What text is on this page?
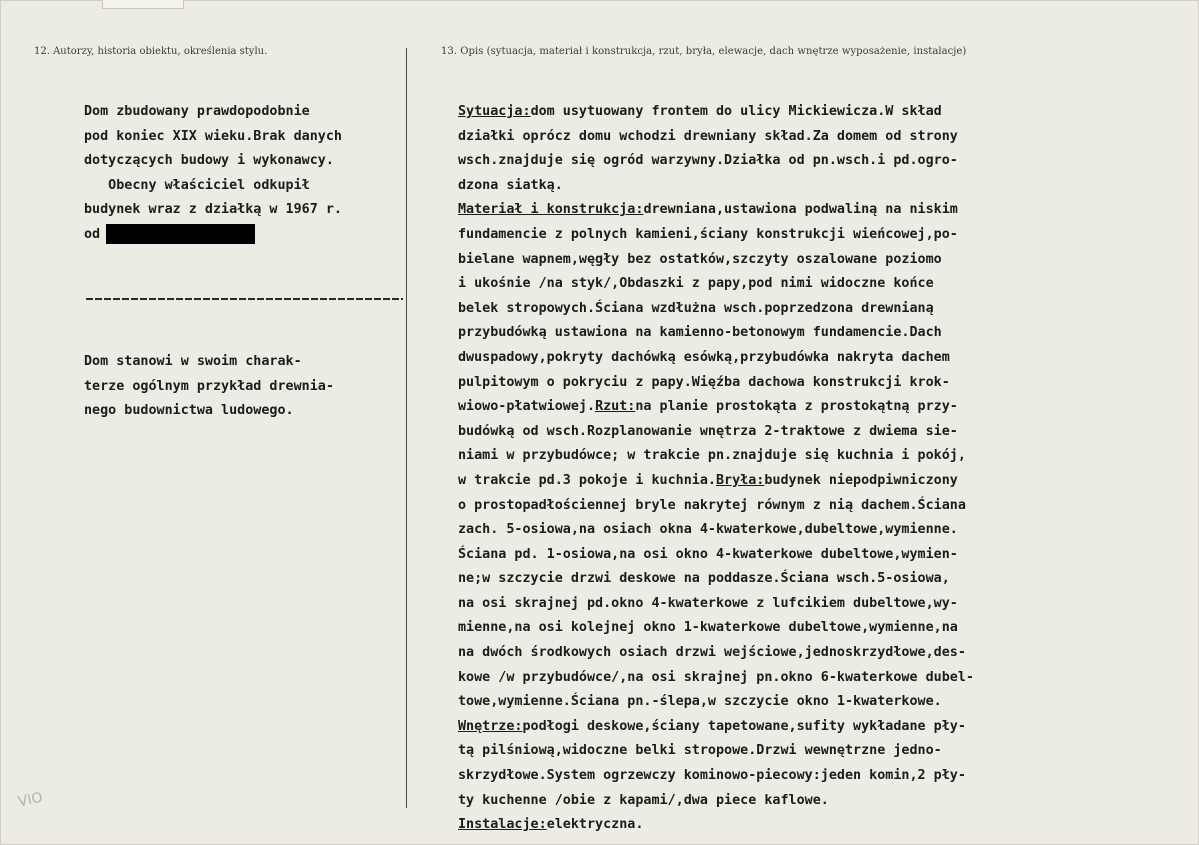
12. Autorzy, historia obiektu, określenia stylu.	13. Opis (sytuacja, materiał i konstrukcja, rzut, bryła, elewacje, dach wnętrze wyposażenie, instalacje)
Dom zbudowany prawdopodobnie
pod koniec XIX wieku.Brak danych
dotyczących budowy i wykonawcy.
Obecny właściciel odkupił
budynek wraz z działką w 1967 r.
od
Dom stanowi w swoim charak-
terze ogólnym przykład drewnia-
nego budownictwa ludowego.
Sytuacja:dom usytuowany frontem do ulicy Mickiewicza.W skład
działki oprócz domu wchodzi drewniany skład.Za domem od strony
wsch.znajduje się ogród warzywny.Działka od pn.wsch.i pd.ogro-
dzona siatką.
Materiał i konstrukcja:drewniana,ustawiona podwaliną na niskim
fundamencie z polnych kamieni,ściany konstrukcji wieńcowej,po-
bielane wapnem,węgły bez ostatków,szczyty oszalowane poziomo
i ukośnie /na styk/,Obdaszki z papy,pod nimi widoczne końce
belek stropowych.Ściana wzdłużna wsch.poprzedzona drewnianą
przybudówką ustawiona na kamienno-betonowym fundamencie.Dach
dwuspadowy,pokryty dachówką esówką,przybudówka nakryta dachem
pulpitowym o pokryciu z papy.Więźba dachowa konstrukcji krok-
wiowo-płatwiowej.Rzut:na planie prostokąta z prostokątną przy-
budówką od wsch.Rozplanowanie wnętrza 2-traktowe z dwiema sie-
niami w przybudówce; w trakcie pn.znajduje się kuchnia i pokój,
w trakcie pd.3 pokoje i kuchnia.Bryła:budynek niepodpiwniczony
o prostopadłościennej bryle nakrytej równym z nią dachem.Ściana
zach. 5-osiowa,na osiach okna 4-kwaterkowe,dubeltowe,wymienne.
Ściana pd. 1-osiowa,na osi okno 4-kwaterkowe dubeltowe,wymien-
ne;w szczycie drzwi deskowe na poddasze.Ściana wsch.5-osiowa,
na osi skrajnej pd.okno 4-kwaterkowe z lufcikiem dubeltowe,wy-
mienne,na osi kolejnej okno 1-kwaterkowe dubeltowe,wymienne,na
na dwóch środkowych osiach drzwi wejściowe,jednoskrzydłowe,des-
kowe /w przybudówce/,na osi skrajnej pn.okno 6-kwaterkowe dubel-
towe,wymienne.Ściana pn.-ślepa,w szczycie okno 1-kwaterkowe.
Wnętrze:podłogi deskowe,ściany tapetowane,sufity wykładane pły-
tą pilśniową,widoczne belki stropowe.Drzwi wewnętrzne jedno-
skrzydłowe.System ogrzewczy kominowo-piecowy:jeden komin,2 pły-
ty kuchenne /obie z kapami/,dwa piece kaflowe.
Instalacje:elektryczna.
VIO
